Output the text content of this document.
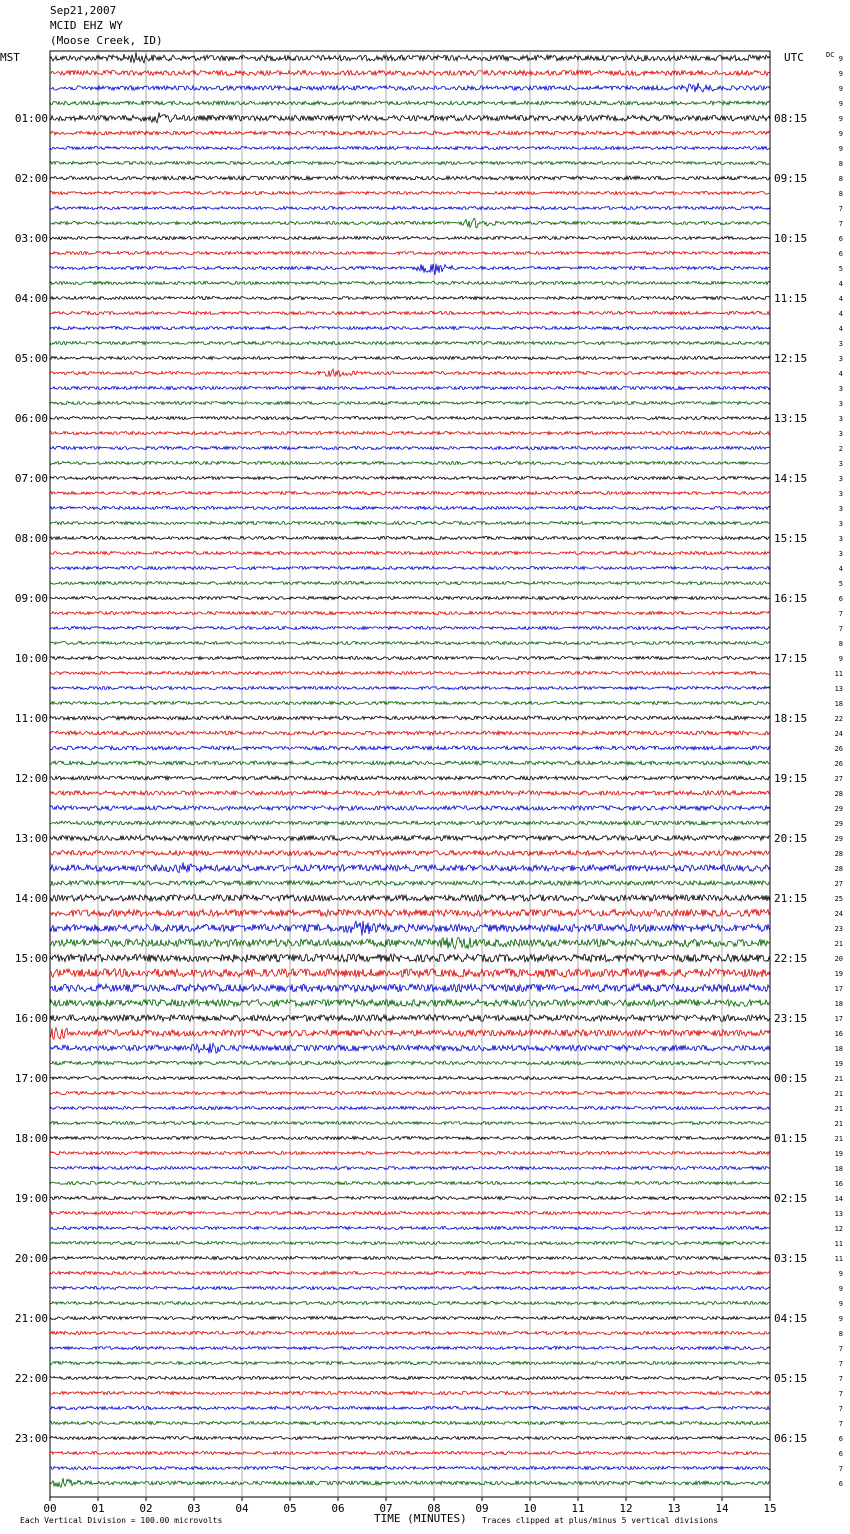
Sep21,2007
MCID EHZ WY
(Moose Creek, ID)
00	01	02	03	04	05	06	07	08	09	10	11	12	13	14	15
9
9
9
9
9
9
9
8
8
8
7
7
6
6
5
4
4
4
4
3
3
4
3
3
3
3
2
3
3
3
3
3
3
3
4
5
6
7
7
8
9
11
13
18
22
24
26
26
27
28
29
29
29
28
28
27
25
24
23
21
20
19
17
18
17
16
18
19
21
21
21
21
21
19
18
16
14
13
12
11
11
9
9
9
9
8
7
7
7
7
7
7
6
6
7
6
01:00
02:00
03:00
04:00
05:00
06:00
07:00
08:00
09:00
10:00
11:00
12:00
13:00
14:00
15:00
16:00
17:00
18:00
19:00
20:00
21:00
22:00
23:00
08:15
09:15
10:15
11:15
12:15
13:15
14:15
15:15
16:15
17:15
18:15
19:15
20:15
21:15
22:15
23:15
00:15
01:15
02:15
03:15
04:15
05:15
06:15
MST	UTC	DC
Each Vertical Division = 100.00 microvolts	TIME (MINUTES) Traces clipped at plus/minus 5 vertical divisions
